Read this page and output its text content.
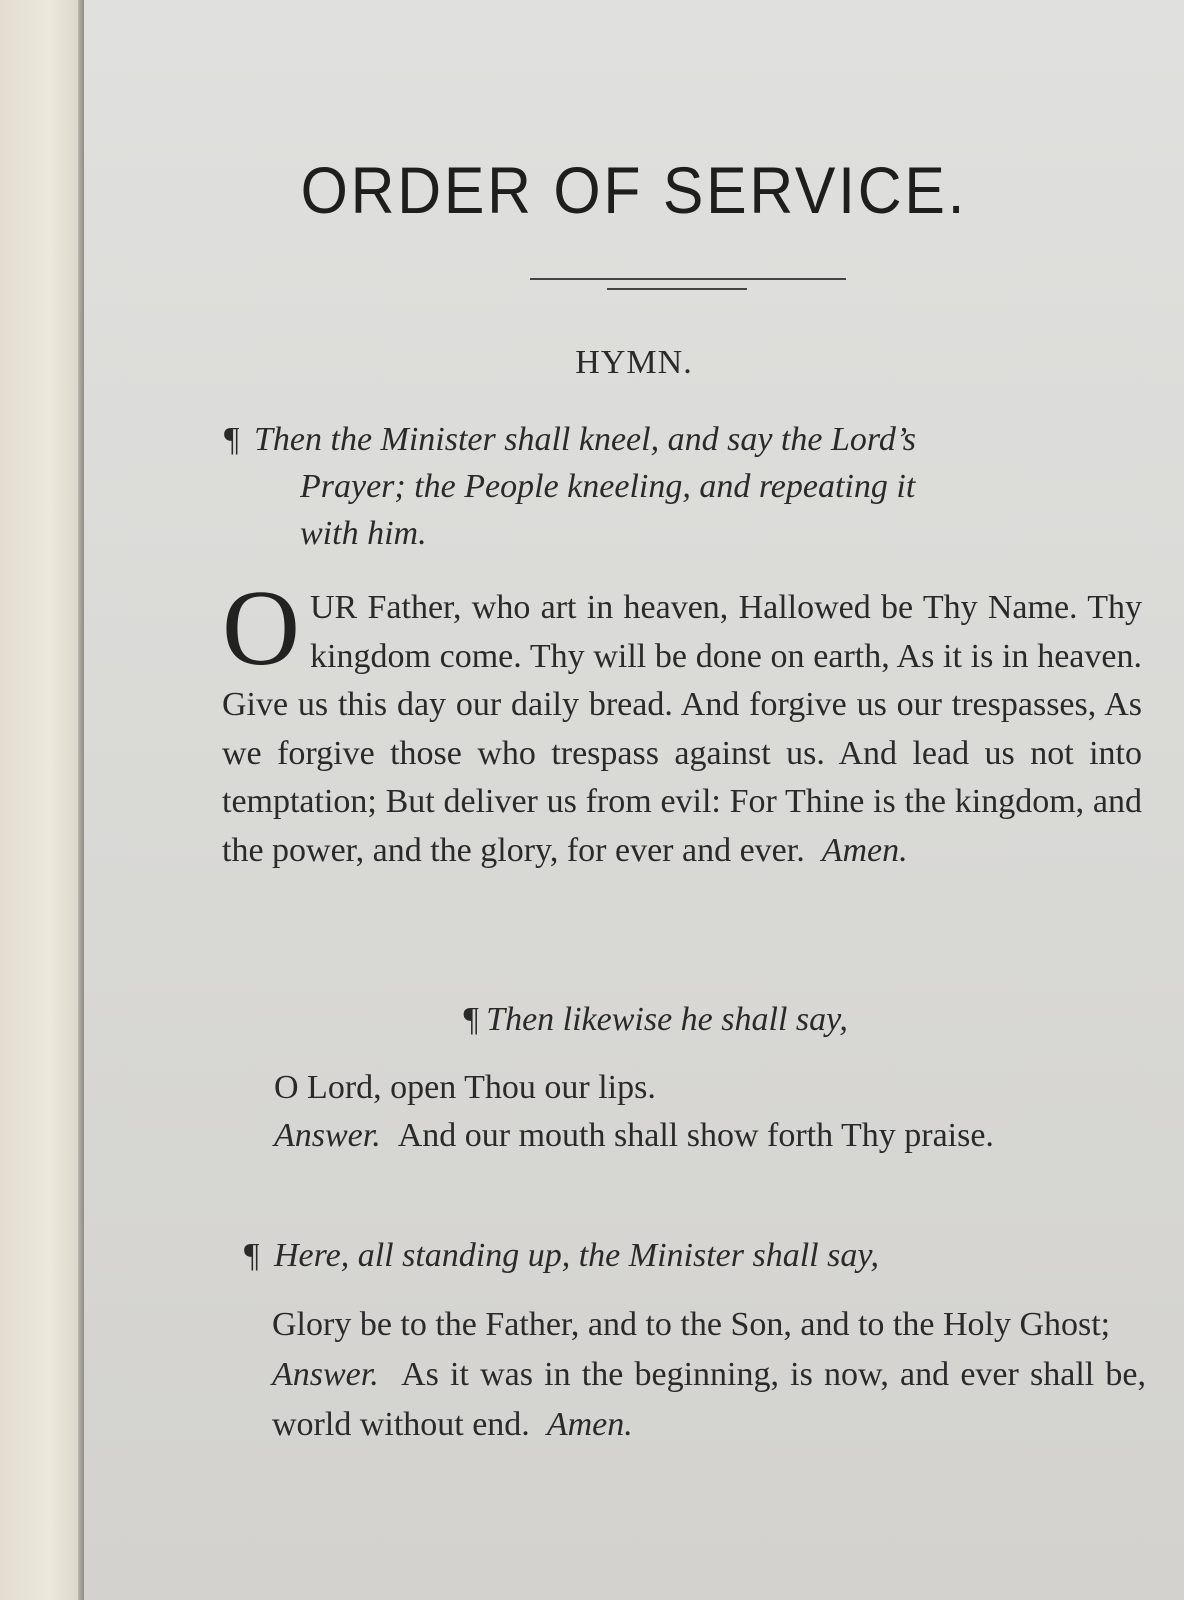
ORDER OF SERVICE.
HYMN.
¶ Then the Minister shall kneel, and say the Lord’s
Prayer; the People kneeling, and repeating it
with him.
OUR Father, who art in heaven, Hallowed be Thy Name. Thy kingdom come. Thy will be done on earth, As it is in heaven. Give us this day our daily bread. And forgive us our trespasses, As we forgive those who trespass against us. And lead us not into temptation; But deliver us from evil: For Thine is the kingdom, and the power, and the glory, for ever and ever. Amen.
¶ Then likewise he shall say,
O Lord, open Thou our lips.
Answer. And our mouth shall show forth Thy praise.
¶ Here, all standing up, the Minister shall say,
Glory be to the Father, and to the Son, and to the Holy Ghost;
Answer. As it was in the beginning, is now, and ever shall be, world without end. Amen.
